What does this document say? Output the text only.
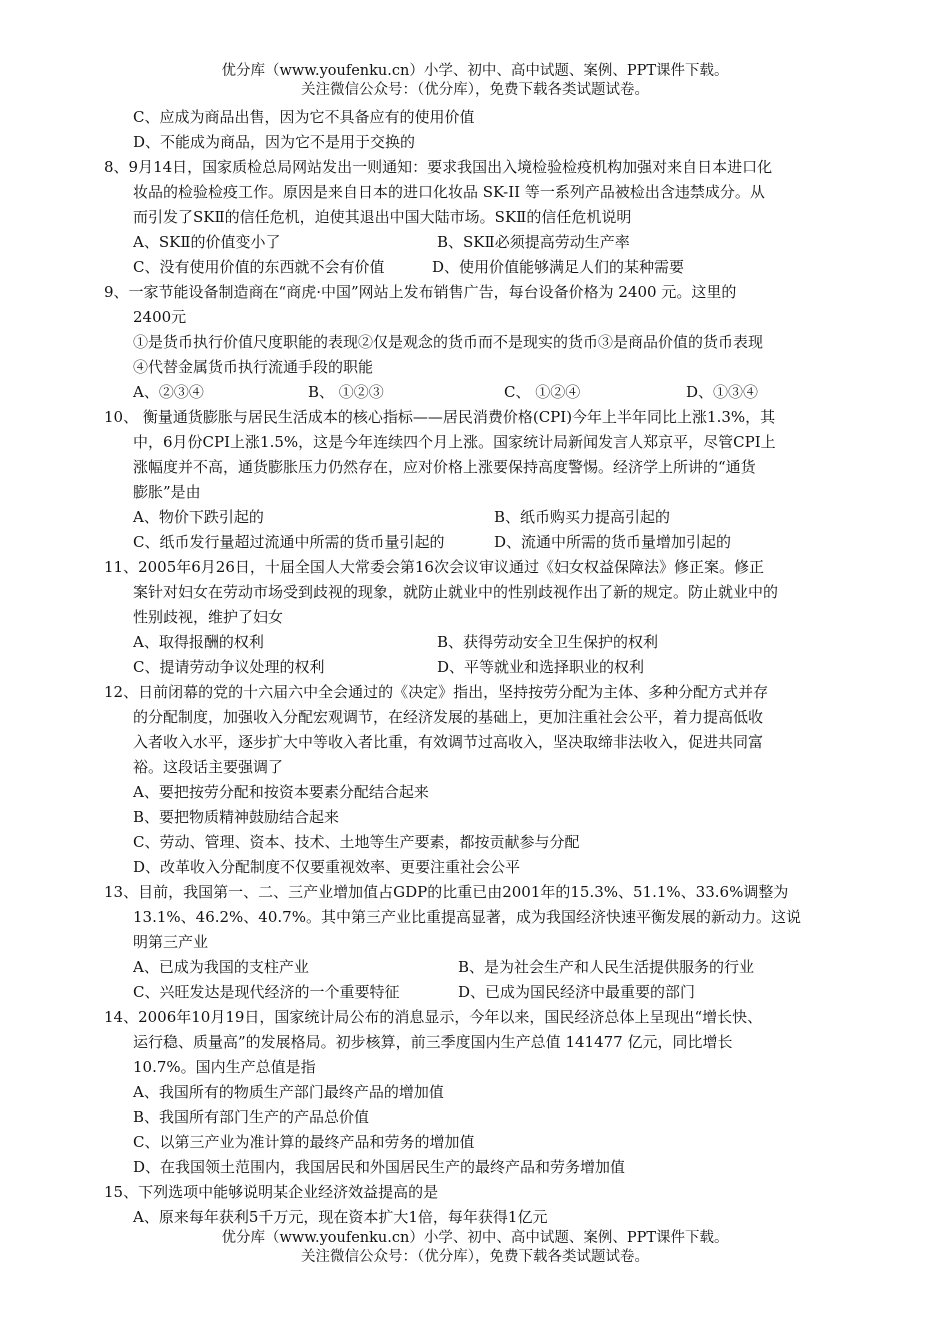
优分库（www.youfenku.cn）小学、初中、高中试题、案例、PPT课件下载。
关注微信公众号：（优分库），免费下载各类试题试卷。
C、应成为商品出售，因为它不具备应有的使用价值
D、不能成为商品，因为它不是用于交换的
8、9月14日，国家质检总局网站发出一则通知：要求我国出入境检验检疫机构加强对来自日本进口化
妆品的检验检疫工作。原因是来自日本的进口化妆品 SK-II 等一系列产品被检出含违禁成分。从
而引发了SKⅡ的信任危机，迫使其退出中国大陆市场。SKⅡ的信任危机说明
A、SKⅡ的价值变小了	B、SKⅡ必须提高劳动生产率
C、没有使用价值的东西就不会有价值	D、使用价值能够满足人们的某种需要
9、一家节能设备制造商在“商虎·中国”网站上发布销售广告，每台设备价格为 2400 元。这里的
2400元
①是货币执行价值尺度职能的表现②仅是观念的货币而不是现实的货币③是商品价值的货币表现
④代替金属货币执行流通手段的职能
A、②③④	B、 ①②③	C、 ①②④	D、①③④
10、 衡量通货膨胀与居民生活成本的核心指标——居民消费价格(CPI)今年上半年同比上涨1.3%，其
中，6月份CPI上涨1.5%，这是今年连续四个月上涨。国家统计局新闻发言人郑京平，尽管CPI上
涨幅度并不高，通货膨胀压力仍然存在，应对价格上涨要保持高度警惕。经济学上所讲的“通货
膨胀”是由
A、物价下跌引起的	B、纸币购买力提高引起的
C、纸币发行量超过流通中所需的货币量引起的	D、流通中所需的货币量增加引起的
11、2005年6月26日，十届全国人大常委会第16次会议审议通过《妇女权益保障法》修正案。修正
案针对妇女在劳动市场受到歧视的现象，就防止就业中的性别歧视作出了新的规定。防止就业中的
性别歧视，维护了妇女
A、取得报酬的权利	B、获得劳动安全卫生保护的权利
C、提请劳动争议处理的权利	D、平等就业和选择职业的权利
12、日前闭幕的党的十六届六中全会通过的《决定》指出，坚持按劳分配为主体、多种分配方式并存
的分配制度，加强收入分配宏观调节，在经济发展的基础上，更加注重社会公平，着力提高低收
入者收入水平，逐步扩大中等收入者比重，有效调节过高收入，坚决取缔非法收入，促进共同富
裕。这段话主要强调了
A、要把按劳分配和按资本要素分配结合起来
B、要把物质精神鼓励结合起来
C、劳动、管理、资本、技术、土地等生产要素，都按贡献参与分配
D、改革收入分配制度不仅要重视效率、更要注重社会公平
13、目前，我国第一、二、三产业增加值占GDP的比重已由2001年的15.3%、51.1%、33.6%调整为
13.1%、46.2%、40.7%。其中第三产业比重提高显著，成为我国经济快速平衡发展的新动力。这说
明第三产业
A、已成为我国的支柱产业	B、是为社会生产和人民生活提供服务的行业
C、兴旺发达是现代经济的一个重要特征	D、已成为国民经济中最重要的部门
14、2006年10月19日，国家统计局公布的消息显示，今年以来，国民经济总体上呈现出“增长快、
运行稳、质量高”的发展格局。初步核算，前三季度国内生产总值 141477 亿元，同比增长
10.7%。国内生产总值是指
A、我国所有的物质生产部门最终产品的增加值
B、我国所有部门生产的产品总价值
C、以第三产业为准计算的最终产品和劳务的增加值
D、在我国领土范围内，我国居民和外国居民生产的最终产品和劳务增加值
15、下列选项中能够说明某企业经济效益提高的是
A、原来每年获利5千万元，现在资本扩大1倍，每年获得1亿元
优分库（www.youfenku.cn）小学、初中、高中试题、案例、PPT课件下载。
关注微信公众号：（优分库），免费下载各类试题试卷。
